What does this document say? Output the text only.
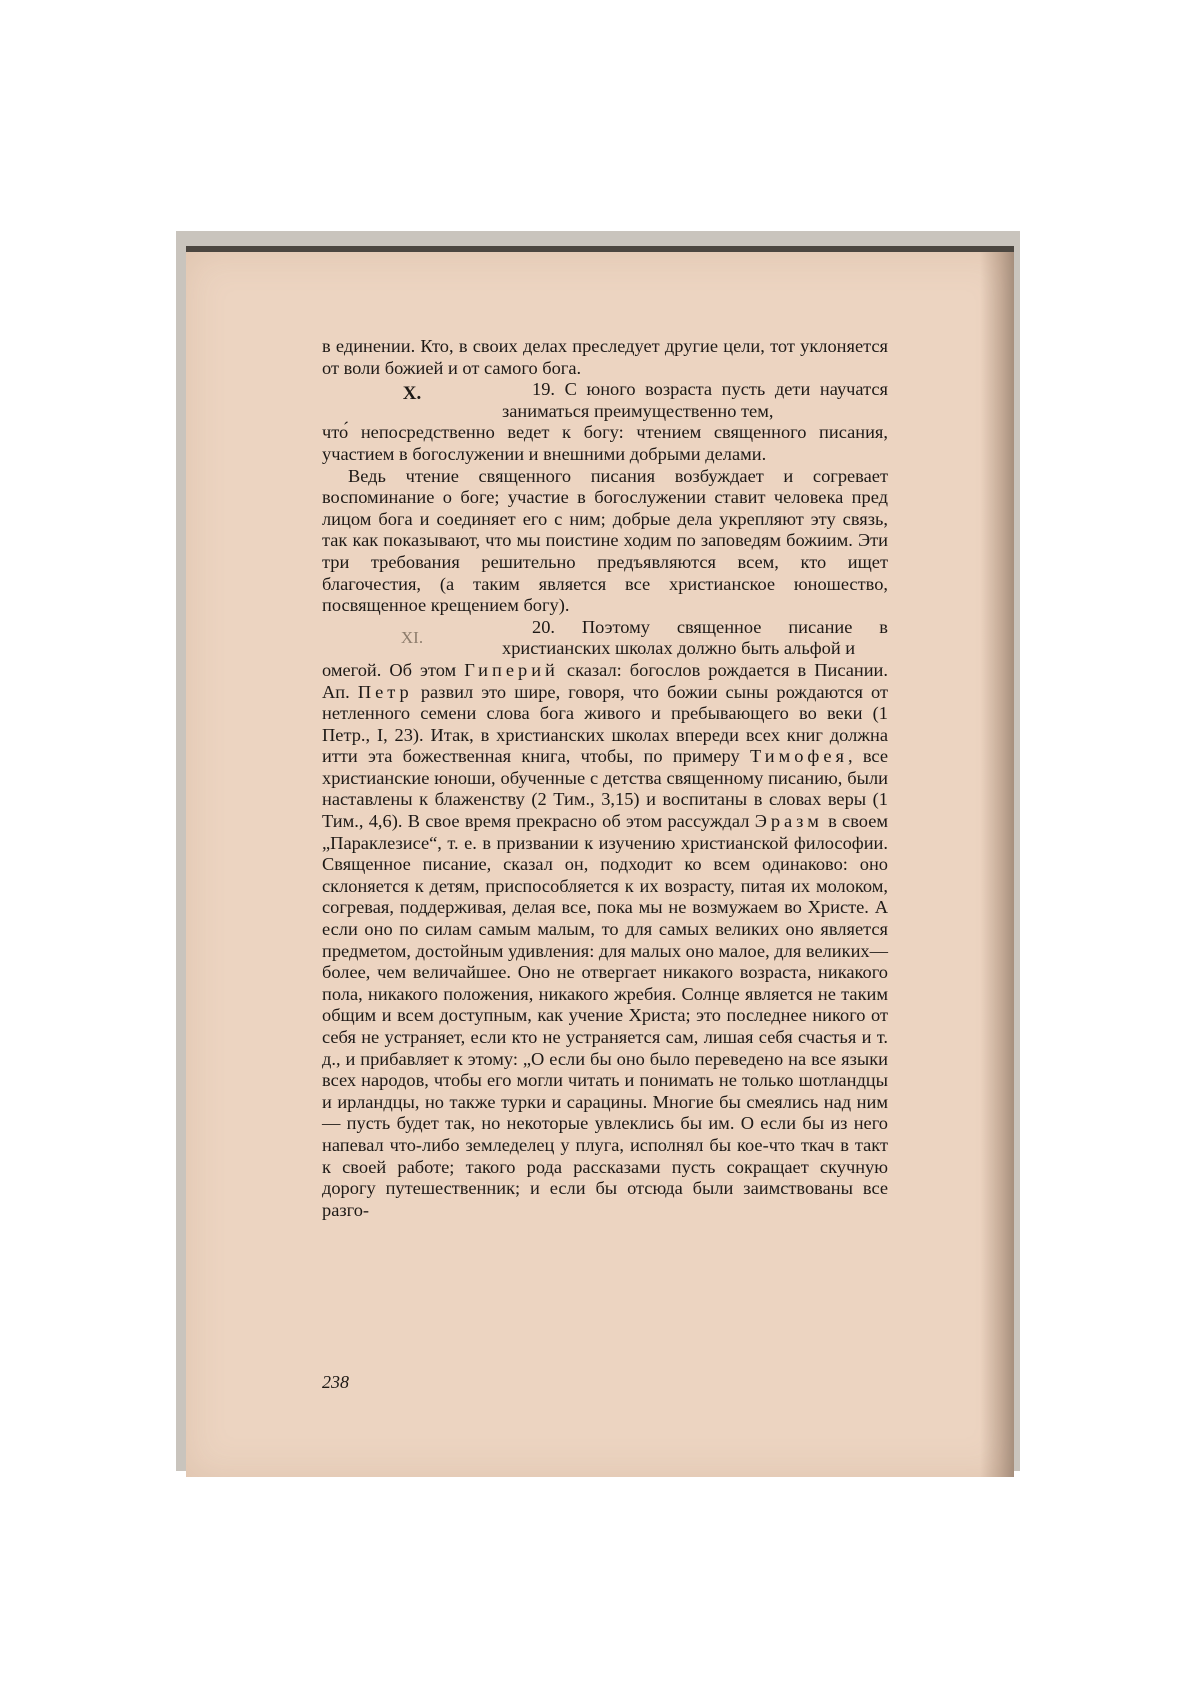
в единении. Кто, в своих делах преследует другие цели, тот уклоняется от воли божией и от самого бога.

X.	19. С юного возраста пусть дети научатся заниматься преимущественно тем,

что́ непосредственно ведет к богу: чтением священного писания, участием в богослужении и внешними добрыми делами.

Ведь чтение священного писания возбуждает и согревает воспоминание о боге; участие в богослужении ставит человека пред лицом бога и соединяет его с ним; добрые дела укрепляют эту связь, так как показывают, что мы поистине ходим по заповедям божиим. Эти три требования решительно предъявляются всем, кто ищет благочестия, (а таким является все христианское юношество, посвященное крещением богу).

XI.
20. Поэтому священное писание в христианских школах должно быть альфой и

омегой. Об этом Гиперий сказал: богослов рождается в Писании. Ап. Петр развил это шире, говоря, что божии сыны рождаются от нетленного семени слова бога живого и пребывающего во веки (1 Петр., I, 23). Итак, в христианских школах впереди всех книг должна итти эта божественная книга, чтобы, по примеру Тимофея, все христианские юноши, обученные с детства священному писанию, были наставлены к блаженству (2 Тим., 3,15) и воспитаны в словах веры (1 Тим., 4,6). В свое время прекрасно об этом рассуждал Эразм в своем „Параклезисе“, т. е. в призвании к изучению христианской философии. Священное писание, сказал он, подходит ко всем одинаково: оно склоняется к детям, приспособляется к их возрасту, питая их молоком, согревая, поддерживая, делая все, пока мы не возмужаем во Христе. А если оно по силам самым малым, то для самых великих оно является предметом, достойным удивления: для малых оно малое, для великих—более, чем величайшее. Оно не отвергает никакого возраста, никакого пола, никакого положения, никакого жребия. Солнце является не таким общим и всем доступным, как учение Христа; это последнее никого от себя не устраняет, если кто не устраняется сам, лишая себя счастья и т. д., и прибавляет к этому: „О если бы оно было переведено на все языки всех народов, чтобы его могли читать и понимать не только шотландцы и ирландцы, но также турки и сарацины. Многие бы смеялись над ним — пусть будет так, но некоторые увлеклись бы им. О если бы из него напевал что-либо земледелец у плуга, исполнял бы кое-что ткач в такт к своей работе; такого рода рассказами пусть сокращает скучную дорогу путешественник; и если бы отсюда были заимствованы все разго-

238
